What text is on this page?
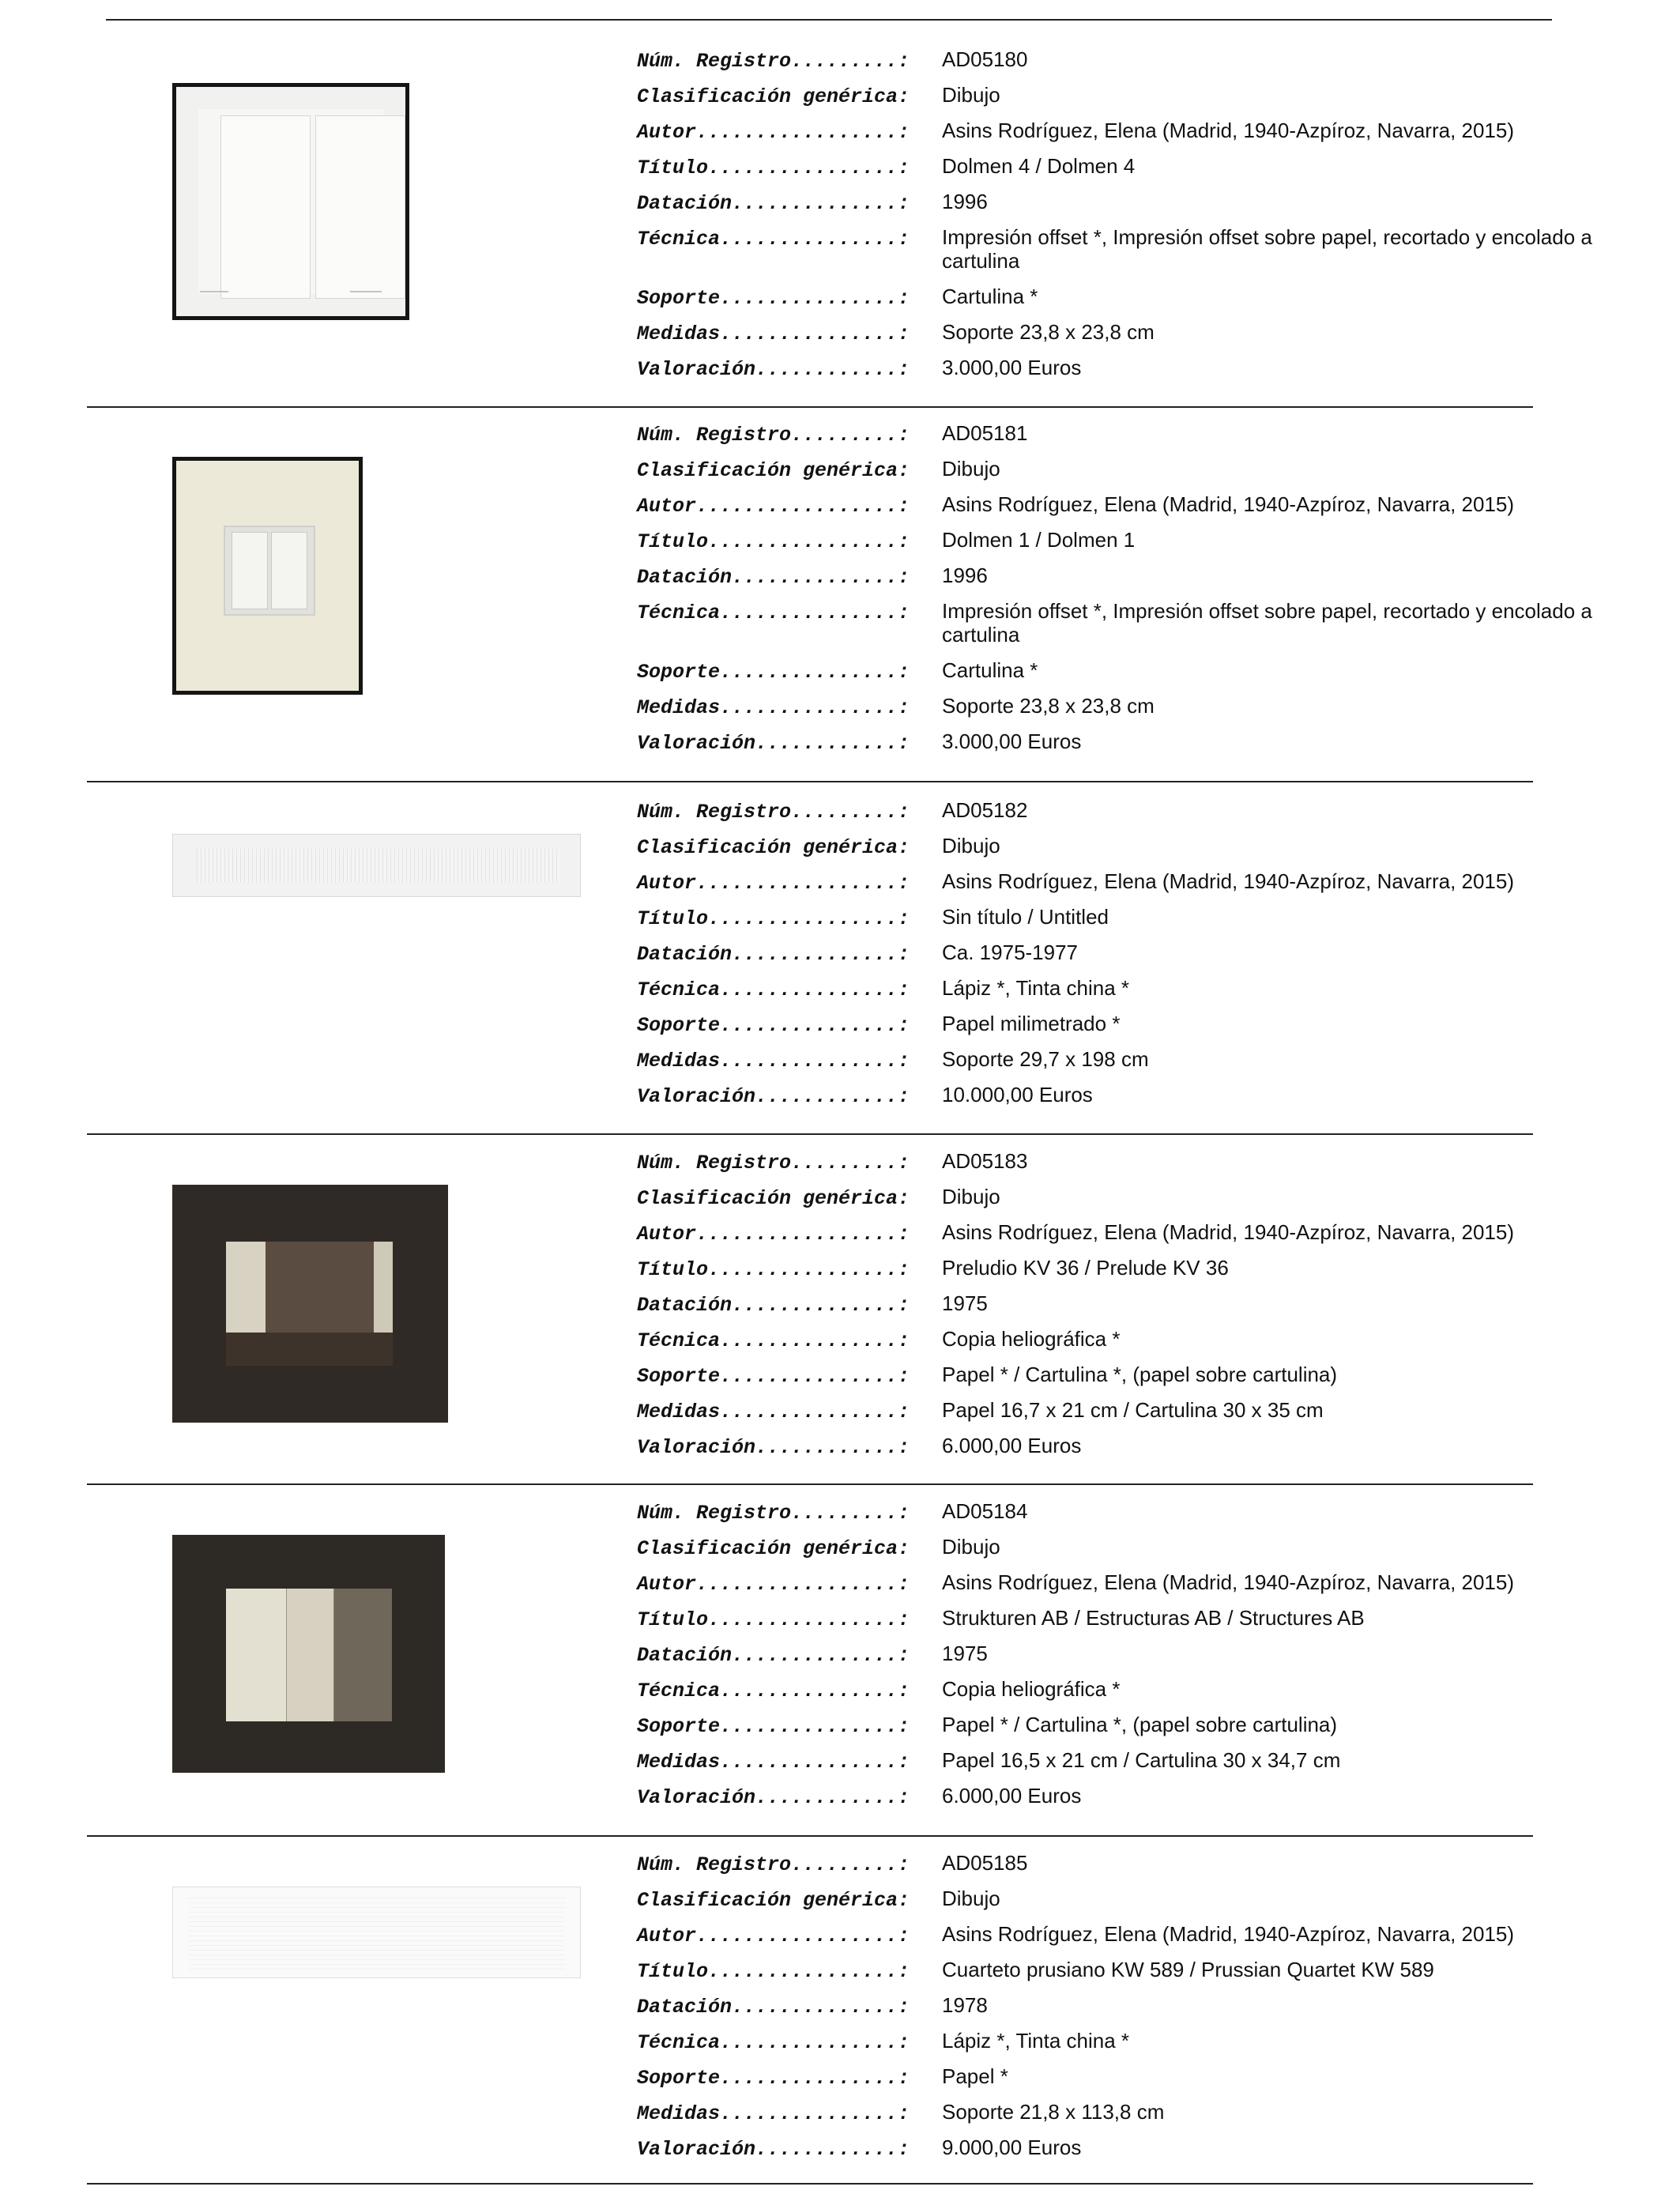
Núm. Registro.........:	AD05180
Clasificación genérica:	Dibujo
Autor.................:	Asins Rodríguez, Elena (Madrid, 1940-Azpíroz, Navarra, 2015)
Título................:	Dolmen 4 / Dolmen 4
Datación..............:	1996
Técnica...............:	Impresión offset *, Impresión offset sobre papel, recortado y encolado a cartulina
Soporte...............:	Cartulina *
Medidas...............:	Soporte 23,8 x 23,8 cm
Valoración............:	3.000,00 Euros
Núm. Registro.........:	AD05181
Clasificación genérica:	Dibujo
Autor.................:	Asins Rodríguez, Elena (Madrid, 1940-Azpíroz, Navarra, 2015)
Título................:	Dolmen 1 / Dolmen 1
Datación..............:	1996
Técnica...............:	Impresión offset *, Impresión offset sobre papel, recortado y encolado a cartulina
Soporte...............:	Cartulina *
Medidas...............:	Soporte 23,8 x 23,8 cm
Valoración............:	3.000,00 Euros
Núm. Registro.........:	AD05182
Clasificación genérica:	Dibujo
Autor.................:	Asins Rodríguez, Elena (Madrid, 1940-Azpíroz, Navarra, 2015)
Título................:	Sin título / Untitled
Datación..............:	Ca. 1975-1977
Técnica...............:	Lápiz *, Tinta china *
Soporte...............:	Papel milimetrado *
Medidas...............:	Soporte 29,7 x 198 cm
Valoración............:	10.000,00 Euros
Núm. Registro.........:	AD05183
Clasificación genérica:	Dibujo
Autor.................:	Asins Rodríguez, Elena (Madrid, 1940-Azpíroz, Navarra, 2015)
Título................:	Preludio KV 36 / Prelude KV 36
Datación..............:	1975
Técnica...............:	Copia heliográfica *
Soporte...............:	Papel * / Cartulina *, (papel sobre cartulina)
Medidas...............:	Papel 16,7 x 21 cm / Cartulina 30 x 35 cm
Valoración............:	6.000,00 Euros
Núm. Registro.........:	AD05184
Clasificación genérica:	Dibujo
Autor.................:	Asins Rodríguez, Elena (Madrid, 1940-Azpíroz, Navarra, 2015)
Título................:	Strukturen AB / Estructuras AB / Structures AB
Datación..............:	1975
Técnica...............:	Copia heliográfica *
Soporte...............:	Papel * / Cartulina *, (papel sobre cartulina)
Medidas...............:	Papel 16,5 x 21 cm / Cartulina 30 x 34,7 cm
Valoración............:	6.000,00 Euros
Núm. Registro.........:	AD05185
Clasificación genérica:	Dibujo
Autor.................:	Asins Rodríguez, Elena (Madrid, 1940-Azpíroz, Navarra, 2015)
Título................:	Cuarteto prusiano KW 589 / Prussian Quartet KW 589
Datación..............:	1978
Técnica...............:	Lápiz *, Tinta china *
Soporte...............:	Papel *
Medidas...............:	Soporte 21,8 x 113,8 cm
Valoración............:	9.000,00 Euros
